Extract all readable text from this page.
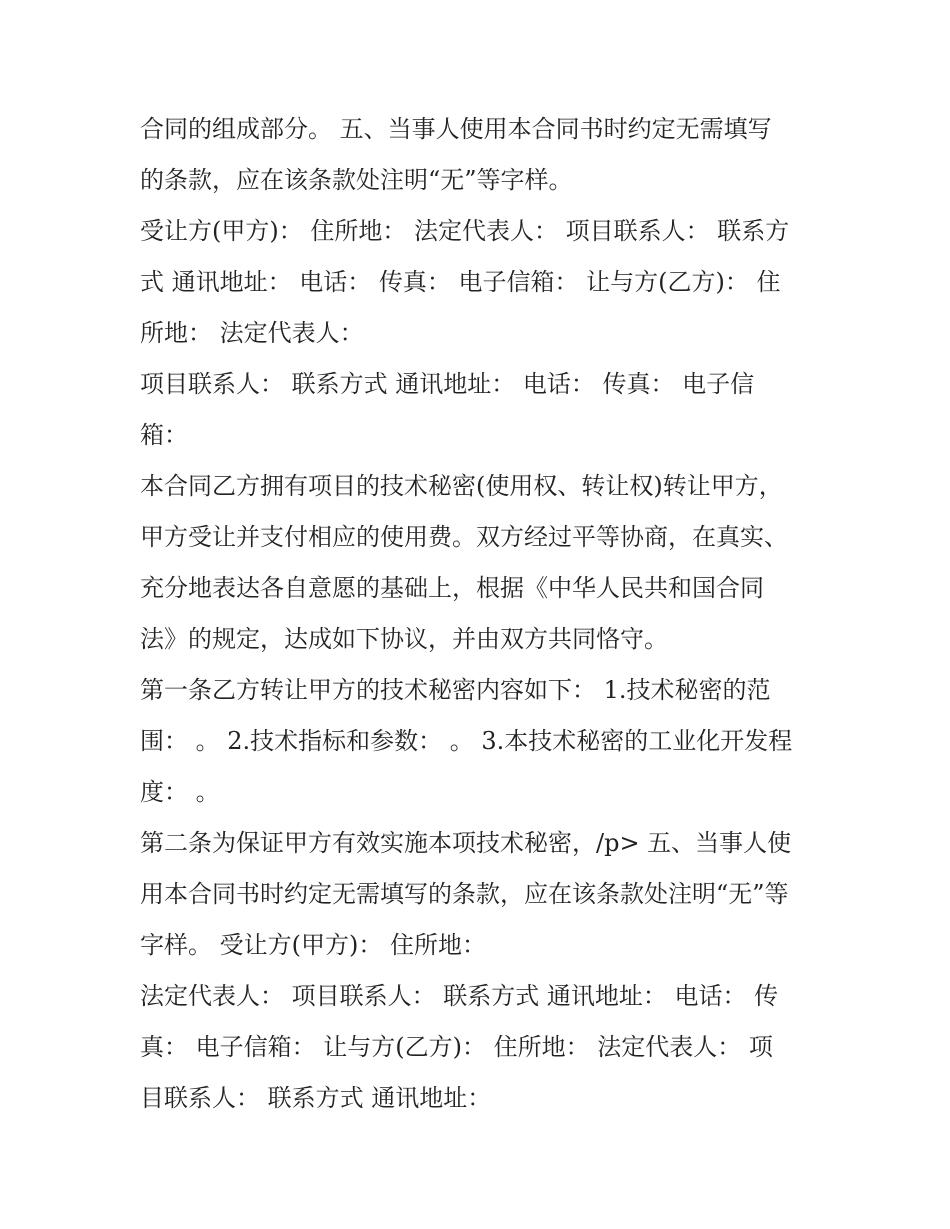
合同的组成部分。 五、当事人使用本合同书时约定无需填写
的条款，应在该条款处注明“无”等字样。
受让方(甲方)： 住所地： 法定代表人： 项目联系人： 联系方
式 通讯地址： 电话： 传真： 电子信箱： 让与方(乙方)： 住
所地： 法定代表人：
项目联系人： 联系方式 通讯地址： 电话： 传真： 电子信
箱：
本合同乙方拥有项目的技术秘密(使用权、转让权)转让甲方，
甲方受让并支付相应的使用费。双方经过平等协商，在真实、
充分地表达各自意愿的基础上，根据《中华人民共和国合同
法》的规定，达成如下协议，并由双方共同恪守。
第一条乙方转让甲方的技术秘密内容如下： 1.技术秘密的范
围： 。 2.技术指标和参数： 。 3.本技术秘密的工业化开发程
度： 。
第二条为保证甲方有效实施本项技术秘密，/p> 五、当事人使
用本合同书时约定无需填写的条款，应在该条款处注明“无”等
字样。 受让方(甲方)： 住所地：
法定代表人： 项目联系人： 联系方式 通讯地址： 电话： 传
真： 电子信箱： 让与方(乙方)： 住所地： 法定代表人： 项
目联系人： 联系方式 通讯地址：
